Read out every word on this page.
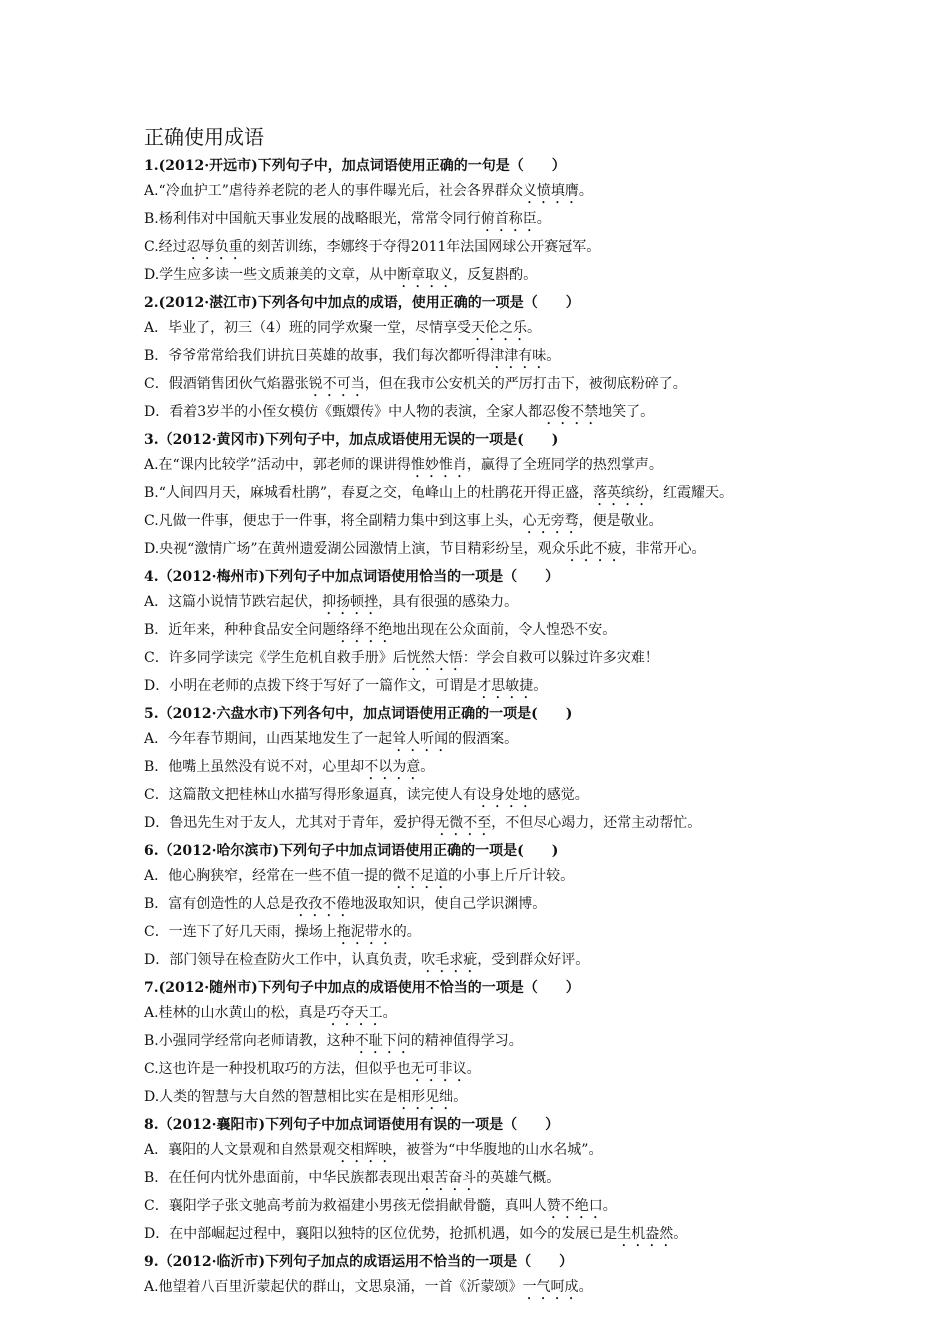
正确使用成语
1.(2012·开远市)下列句子中，加点词语使用正确的一句是（　　）
A.“冷血护工”虐待养老院的老人的事件曝光后，社会各界群众义愤填膺。
B.杨利伟对中国航天事业发展的战略眼光，常常令同行俯首称臣。
C.经过忍辱负重的刻苦训练，李娜终于夺得2011年法国网球公开赛冠军。
D.学生应多读一些文质兼美的文章，从中断章取义，反复斟酌。
2.(2012·湛江市)下列各句中加点的成语，使用正确的一项是（　　）
A．毕业了，初三（4）班的同学欢聚一堂，尽情享受天伦之乐。
B．爷爷常常给我们讲抗日英雄的故事，我们每次都听得津津有味。
C．假酒销售团伙气焰嚣张锐不可当，但在我市公安机关的严厉打击下，被彻底粉碎了。
D．看着3岁半的小侄女模仿《甄嬛传》中人物的表演，全家人都忍俊不禁地笑了。
3.（2012·黄冈市)下列句子中，加点成语使用无误的一项是(　　)
A.在“课内比较学”活动中，郭老师的课讲得惟妙惟肖，赢得了全班同学的热烈掌声。
B.“人间四月天，麻城看杜鹃”，春夏之交，龟峰山上的杜鹃花开得正盛，落英缤纷，红霞耀天。
C.凡做一件事，便忠于一件事，将全副精力集中到这事上头，心无旁骛，便是敬业。
D.央视“激情广场”在黄州遗爱湖公园激情上演，节目精彩纷呈，观众乐此不疲，非常开心。
4.（2012·梅州市)下列句子中加点词语使用恰当的一项是（　　）
A．这篇小说情节跌宕起伏，抑扬顿挫，具有很强的感染力。
B．近年来，种种食品安全问题络绎不绝地出现在公众面前，令人惶恐不安。
C．许多同学读完《学生危机自救手册》后恍然大悟：学会自救可以躲过许多灾难！
D．小明在老师的点拨下终于写好了一篇作文，可谓是才思敏捷。
5.（2012·六盘水市)下列各句中，加点词语使用正确的一项是(　　)
A．今年春节期间，山西某地发生了一起耸人听闻的假酒案。
B．他嘴上虽然没有说不对，心里却不以为意。
C．这篇散文把桂林山水描写得形象逼真，读完使人有设身处地的感觉。
D．鲁迅先生对于友人，尤其对于青年，爱护得无微不至，不但尽心竭力，还常主动帮忙。
6.（2012·哈尔滨市)下列句子中加点词语使用正确的一项是(　　)
A．他心胸狭窄，经常在一些不值一提的微不足道的小事上斤斤计较。
B．富有创造性的人总是孜孜不倦地汲取知识，使自己学识渊博。
C．一连下了好几天雨，操场上拖泥带水的。
D．部门领导在检查防火工作中，认真负责，吹毛求疵，受到群众好评。
7.(2012·随州市)下列句子中加点的成语使用不恰当的一项是（　　）
A.桂林的山水黄山的松，真是巧夺天工。
B.小强同学经常向老师请教，这种不耻下问的精神值得学习。
C.这也许是一种投机取巧的方法，但似乎也无可非议。
D.人类的智慧与大自然的智慧相比实在是相形见绌。
8.（2012·襄阳市)下列句子中加点词语使用有误的一项是（　　）
A．襄阳的人文景观和自然景观交相辉映，被誉为“中华腹地的山水名城”。
B．在任何内忧外患面前，中华民族都表现出艰苦奋斗的英雄气概。
C．襄阳学子张文驰高考前为救福建小男孩无偿捐献骨髓，真叫人赞不绝口。
D．在中部崛起过程中，襄阳以独特的区位优势，抢抓机遇，如今的发展已是生机盎然。
9.（2012·临沂市)下列句子加点的成语运用不恰当的一项是（　　）
A.他望着八百里沂蒙起伏的群山，文思泉涌，一首《沂蒙颂》一气呵成。
